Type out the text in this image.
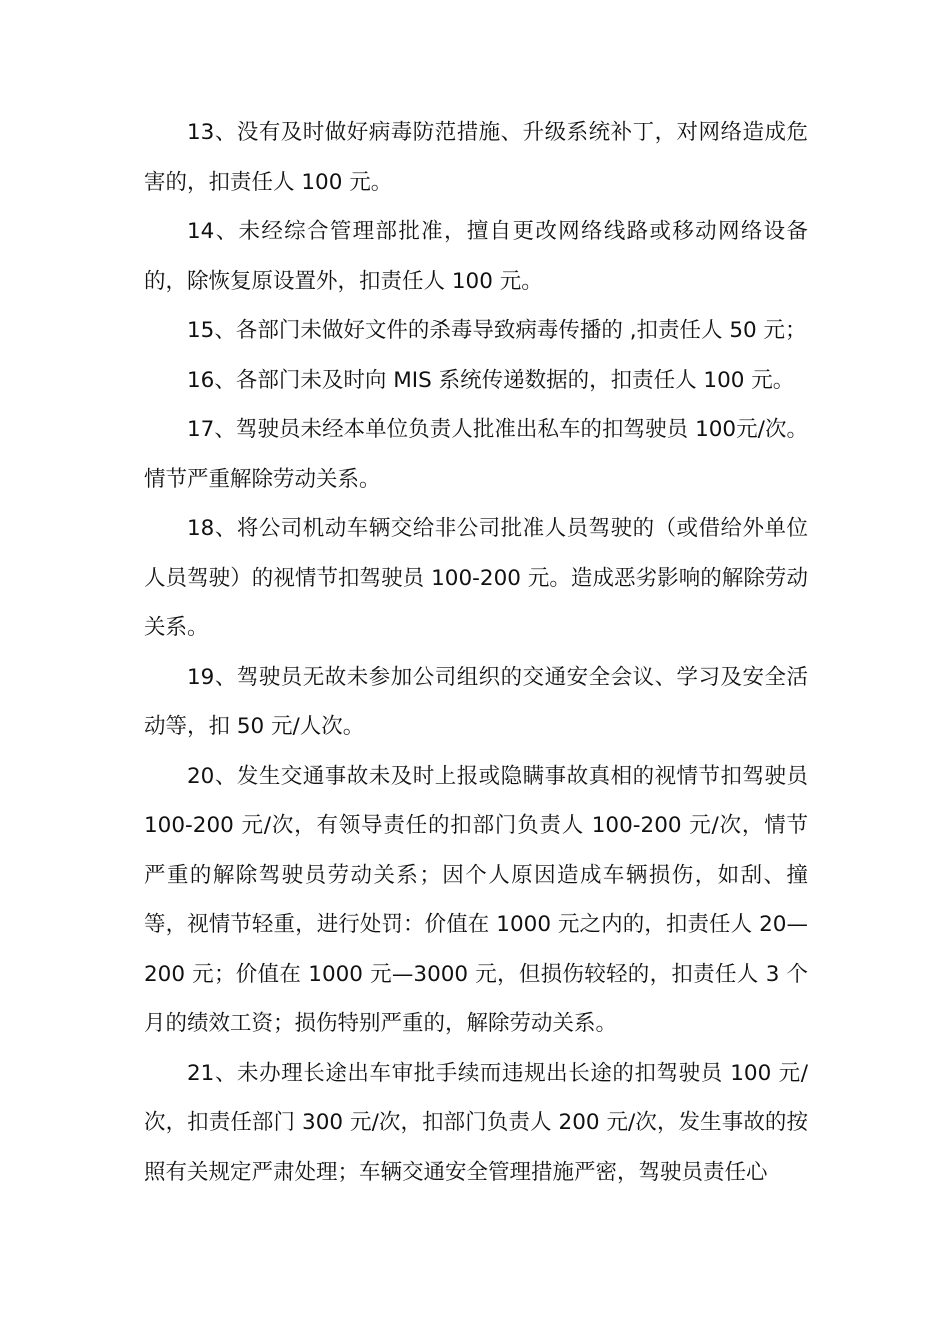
13、没有及时做好病毒防范措施、升级系统补丁，对网络造成危害的，扣责任人 100 元。

14、未经综合管理部批准，擅自更改网络线路或移动网络设备的，除恢复原设置外，扣责任人 100 元。

15、各部门未做好文件的杀毒导致病毒传播的 ,扣责任人 50 元；

16、各部门未及时向 MIS 系统传递数据的，扣责任人 100 元。

17、驾驶员未经本单位负责人批准出私车的扣驾驶员 100元/次。情节严重解除劳动关系。

18、将公司机动车辆交给非公司批准人员驾驶的（或借给外单位人员驾驶）的视情节扣驾驶员 100-200 元。造成恶劣影响的解除劳动关系。

19、驾驶员无故未参加公司组织的交通安全会议、学习及安全活动等，扣 50 元/人次。

20、发生交通事故未及时上报或隐瞒事故真相的视情节扣驾驶员 100-200 元/次，有领导责任的扣部门负责人 100-200 元/次，情节严重的解除驾驶员劳动关系；因个人原因造成车辆损伤，如刮、撞等，视情节轻重，进行处罚：价值在 1000 元之内的，扣责任人 20—200 元；价值在 1000 元—3000 元，但损伤较轻的，扣责任人 3 个月的绩效工资；损伤特别严重的，解除劳动关系。

21、未办理长途出车审批手续而违规出长途的扣驾驶员 100 元/次，扣责任部门 300 元/次，扣部门负责人 200 元/次，发生事故的按照有关规定严肃处理；车辆交通安全管理措施严密，驾驶员责任心
